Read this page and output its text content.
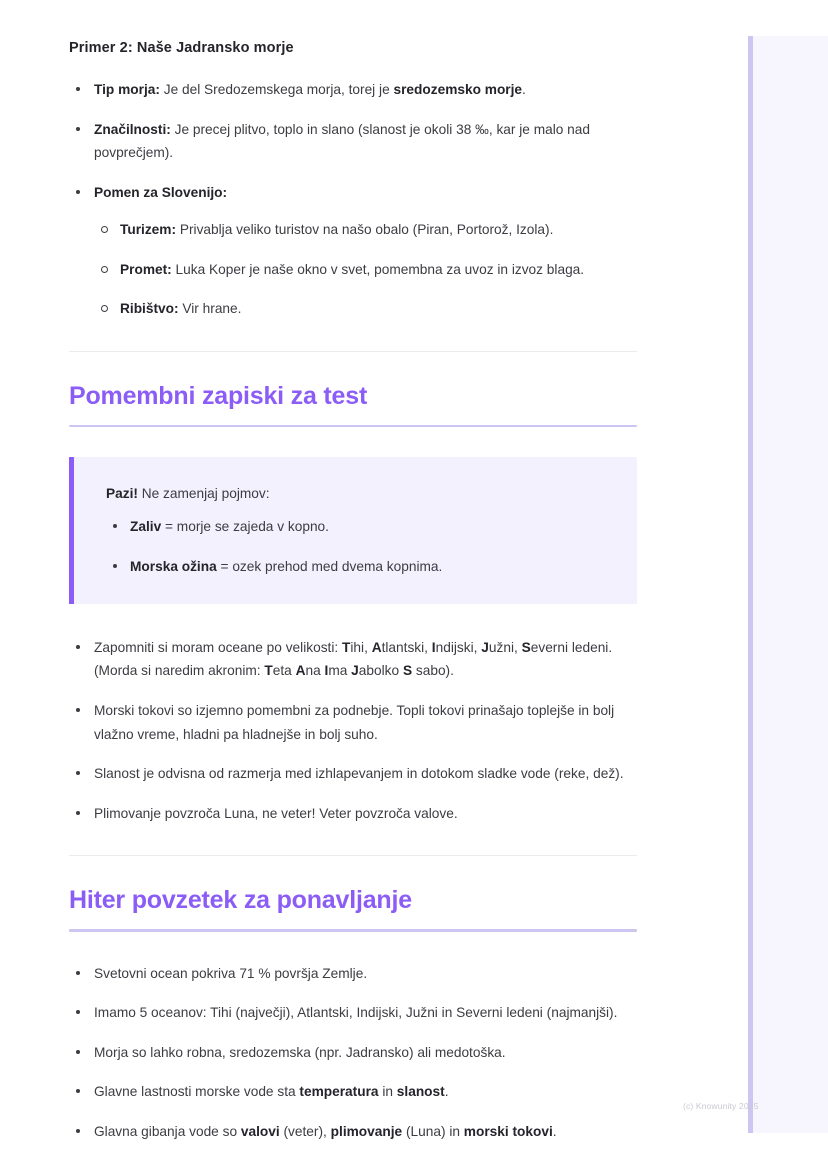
Primer 2: Naše Jadransko morje

Tip morja: Je del Sredozemskega morja, torej je sredozemsko morje.
Značilnosti: Je precej plitvo, toplo in slano (slanost je okoli 38 ‰, kar je malo nad povprečjem).
Pomen za Slovenijo:
Turizem: Privablja veliko turistov na našo obalo (Piran, Portorož, Izola).
Promet: Luka Koper je naše okno v svet, pomembna za uvoz in izvoz blaga.
Ribištvo: Vir hrane.
Pomembni zapiski za test

Pazi! Ne zamenjaj pojmov:

Zaliv = morje se zajeda v kopno.
Morska ožina = ozek prehod med dvema kopnima.
Zapomniti si moram oceane po velikosti: Tihi, Atlantski, Indijski, Južni, Severni ledeni. (Morda si naredim akronim: Teta Ana Ima Jabolko S sabo).
Morski tokovi so izjemno pomembni za podnebje. Topli tokovi prinašajo toplejše in bolj vlažno vreme, hladni pa hladnejše in bolj suho.
Slanost je odvisna od razmerja med izhlapevanjem in dotokom sladke vode (reke, dež).
Plimovanje povzroča Luna, ne veter! Veter povzroča valove.
Hiter povzetek za ponavljanje
Svetovni ocean pokriva 71 % površja Zemlje.
Imamo 5 oceanov: Tihi (največji), Atlantski, Indijski, Južni in Severni ledeni (najmanjši).
Morja so lahko robna, sredozemska (npr. Jadransko) ali medotoška.
Glavne lastnosti morske vode sta temperatura in slanost.
Glavna gibanja vode so valovi (veter), plimovanje (Luna) in morski tokovi.
(c) Knowunity 2025
